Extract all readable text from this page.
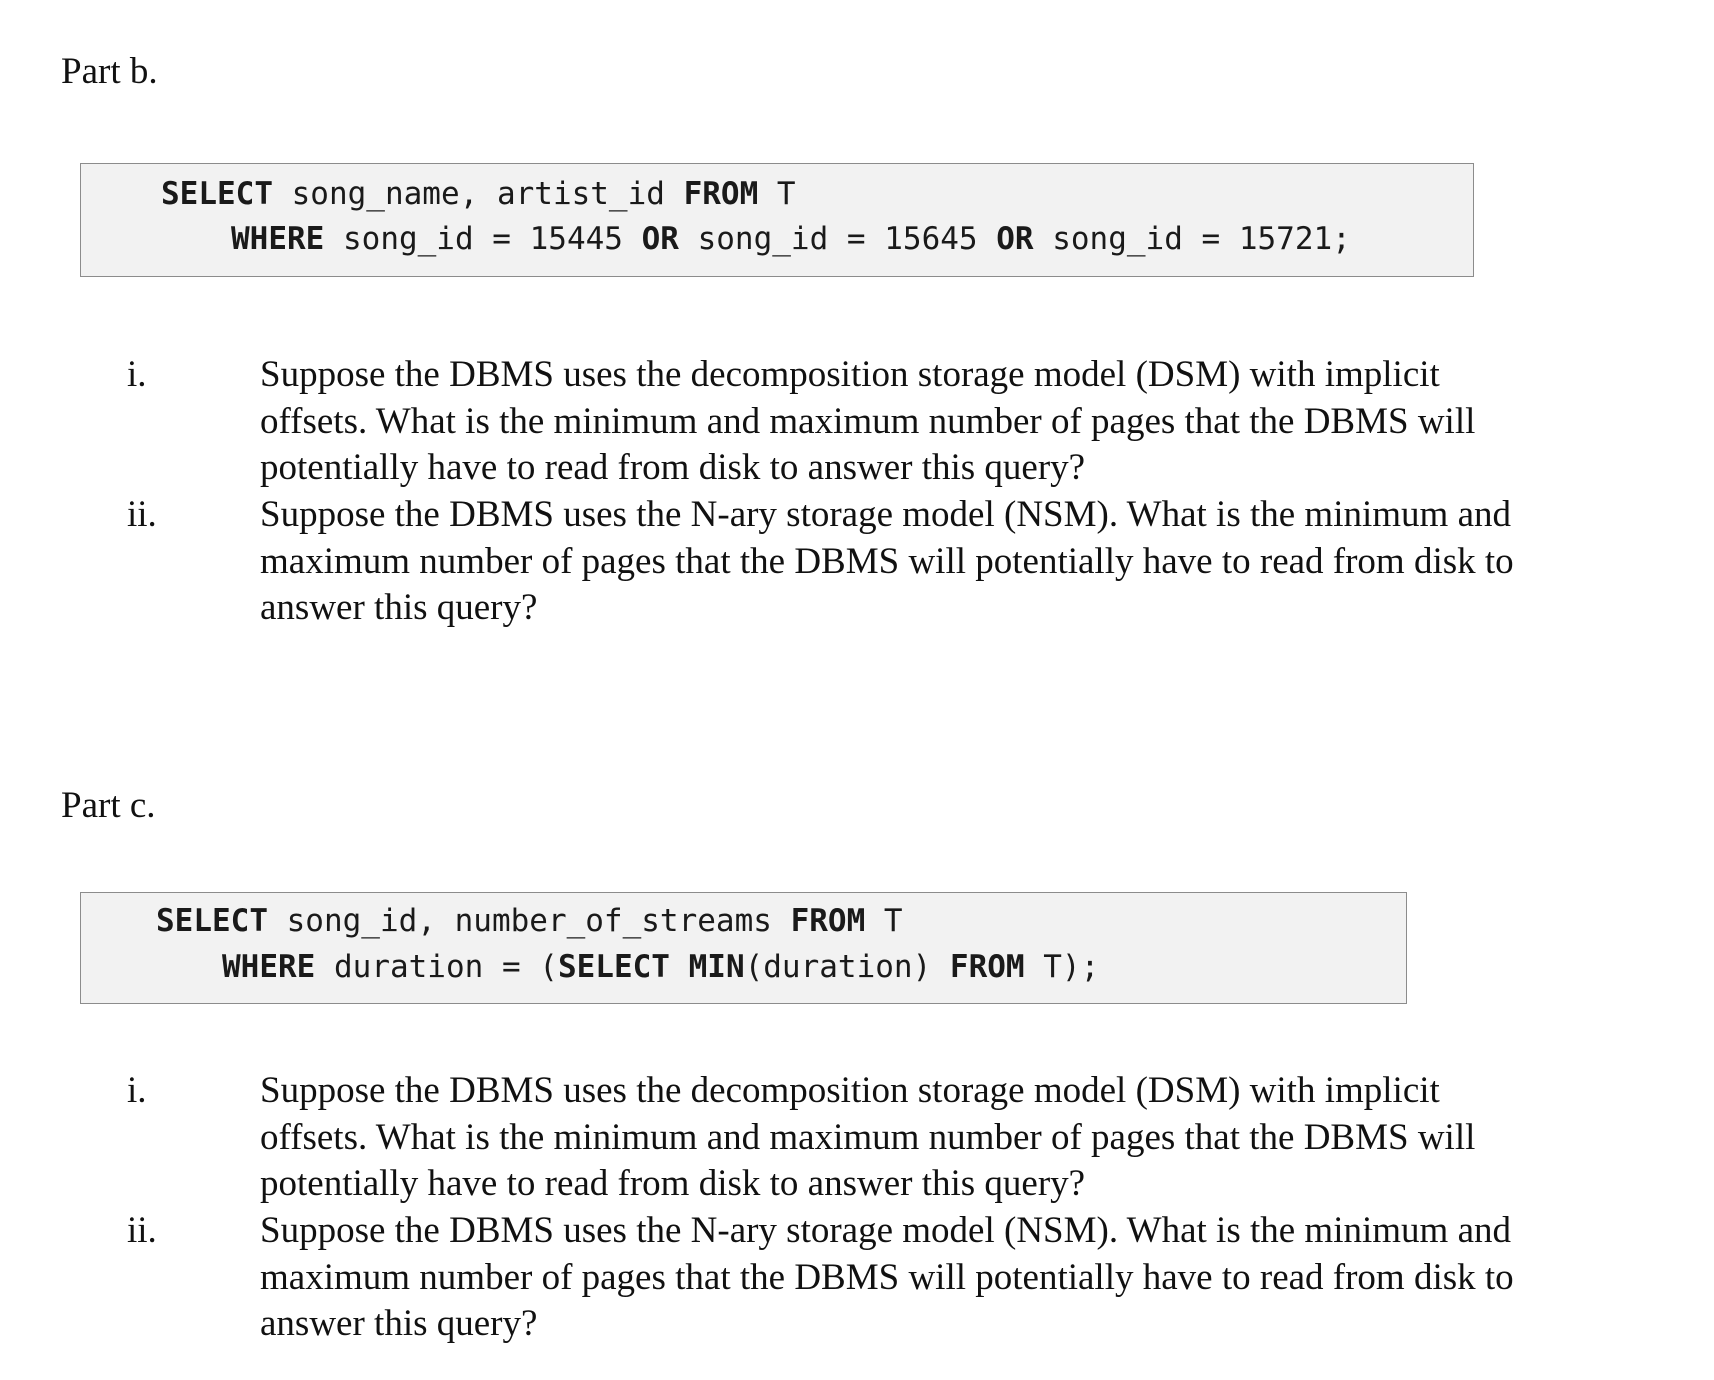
Part b.
SELECT song_name, artist_id FROM T
WHERE song_id = 15445 OR song_id = 15645 OR song_id = 15721;
i.	Suppose the DBMS uses the decomposition storage model (DSM) with implicit
offsets. What is the minimum and maximum number of pages that the DBMS will
potentially have to read from disk to answer this query?
ii.	Suppose the DBMS uses the N-ary storage model (NSM). What is the minimum and
maximum number of pages that the DBMS will potentially have to read from disk to
answer this query?
Part c.
SELECT song_id, number_of_streams FROM T
WHERE duration = (SELECT MIN(duration) FROM T);
i.	Suppose the DBMS uses the decomposition storage model (DSM) with implicit
offsets. What is the minimum and maximum number of pages that the DBMS will
potentially have to read from disk to answer this query?
ii.	Suppose the DBMS uses the N-ary storage model (NSM). What is the minimum and
maximum number of pages that the DBMS will potentially have to read from disk to
answer this query?
